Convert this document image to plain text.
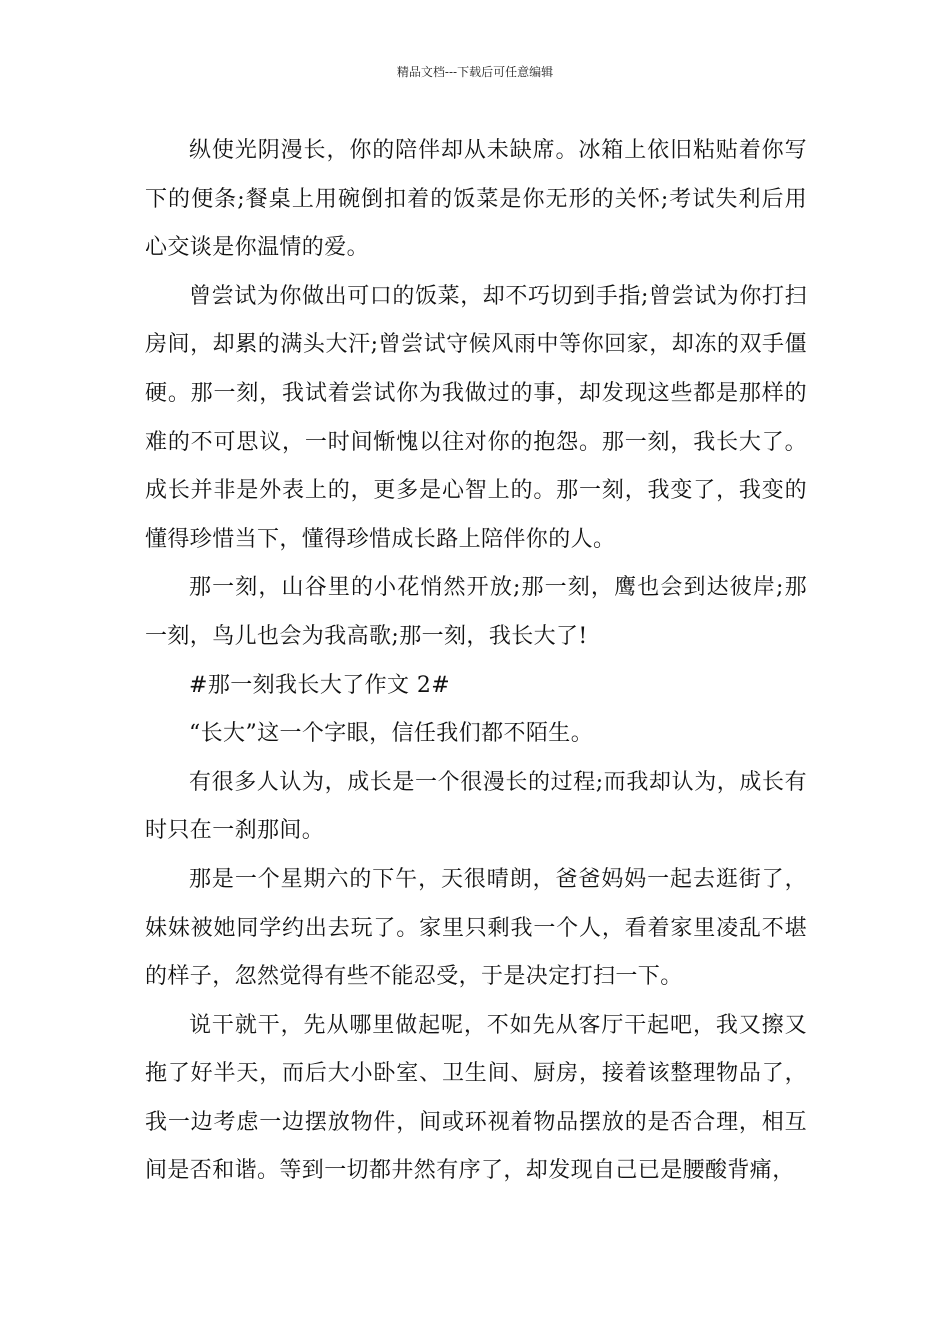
精品文档---下载后可任意编辑

纵使光阴漫长，你的陪伴却从未缺席。冰箱上依旧粘贴着你写下的便条;餐桌上用碗倒扣着的饭菜是你无形的关怀;考试失利后用心交谈是你温情的爱。

曾尝试为你做出可口的饭菜，却不巧切到手指;曾尝试为你打扫房间，却累的满头大汗;曾尝试守候风雨中等你回家，却冻的双手僵硬。那一刻，我试着尝试你为我做过的事，却发现这些都是那样的难的不可思议，一时间惭愧以往对你的抱怨。那一刻，我长大了。成长并非是外表上的，更多是心智上的。那一刻，我变了，我变的懂得珍惜当下，懂得珍惜成长路上陪伴你的人。

那一刻，山谷里的小花悄然开放;那一刻，鹰也会到达彼岸;那一刻，鸟儿也会为我高歌;那一刻，我长大了!

#那一刻我长大了作文 2#

“长大”这一个字眼，信任我们都不陌生。

有很多人认为，成长是一个很漫长的过程;而我却认为，成长有时只在一刹那间。

那是一个星期六的下午，天很晴朗，爸爸妈妈一起去逛街了，妹妹被她同学约出去玩了。家里只剩我一个人，看着家里凌乱不堪的样子，忽然觉得有些不能忍受，于是决定打扫一下。

说干就干，先从哪里做起呢，不如先从客厅干起吧，我又擦又拖了好半天，而后大小卧室、卫生间、厨房，接着该整理物品了，我一边考虑一边摆放物件，间或环视着物品摆放的是否合理，相互间是否和谐。等到一切都井然有序了，却发现自己已是腰酸背痛，
